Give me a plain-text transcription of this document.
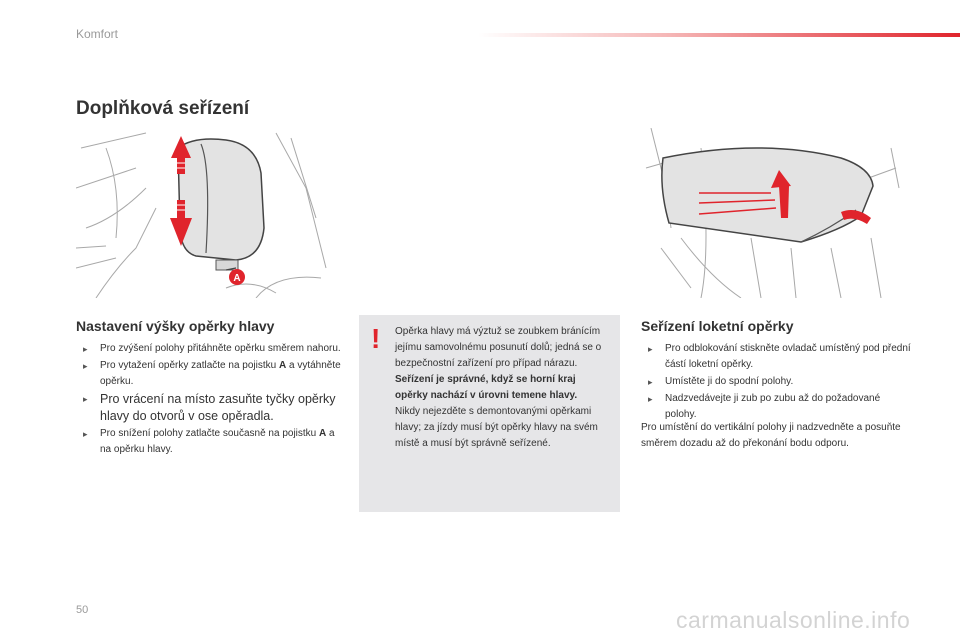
Komfort
Doplňková seřízení
A
Nastavení výšky opěrky hlavy
▸ Pro zvýšení polohy přitáhněte opěrku směrem nahoru.
▸ Pro vytažení opěrky zatlačte na pojistku A a vytáhněte opěrku.
▸ Pro vrácení na místo zasuňte tyčky opěrky hlavy do otvorů v ose opěradla.
▸ Pro snížení polohy zatlačte současně na pojistku A a na opěrku hlavy.
! Opěrka hlavy má výztuž se zoubkem bránícím jejímu samovolnému posunutí dolů; jedná se o bezpečnostní zařízení pro případ nárazu.
Seřízení je správné, když se horní kraj opěrky nachází v úrovni temene hlavy.
Nikdy nejezděte s demontovanými opěrkami hlavy; za jízdy musí být opěrky hlavy na svém místě a musí být správně seřízené.
Seřízení loketní opěrky
▸ Pro odblokování stiskněte ovladač umístěný pod přední částí loketní opěrky.
▸ Umístěte ji do spodní polohy.
▸ Nadzvedávejte ji zub po zubu až do požadované polohy.
Pro umístění do vertikální polohy ji nadzvedněte a posuňte směrem dozadu až do překonání bodu odporu.
50	carmanualsonline.info
